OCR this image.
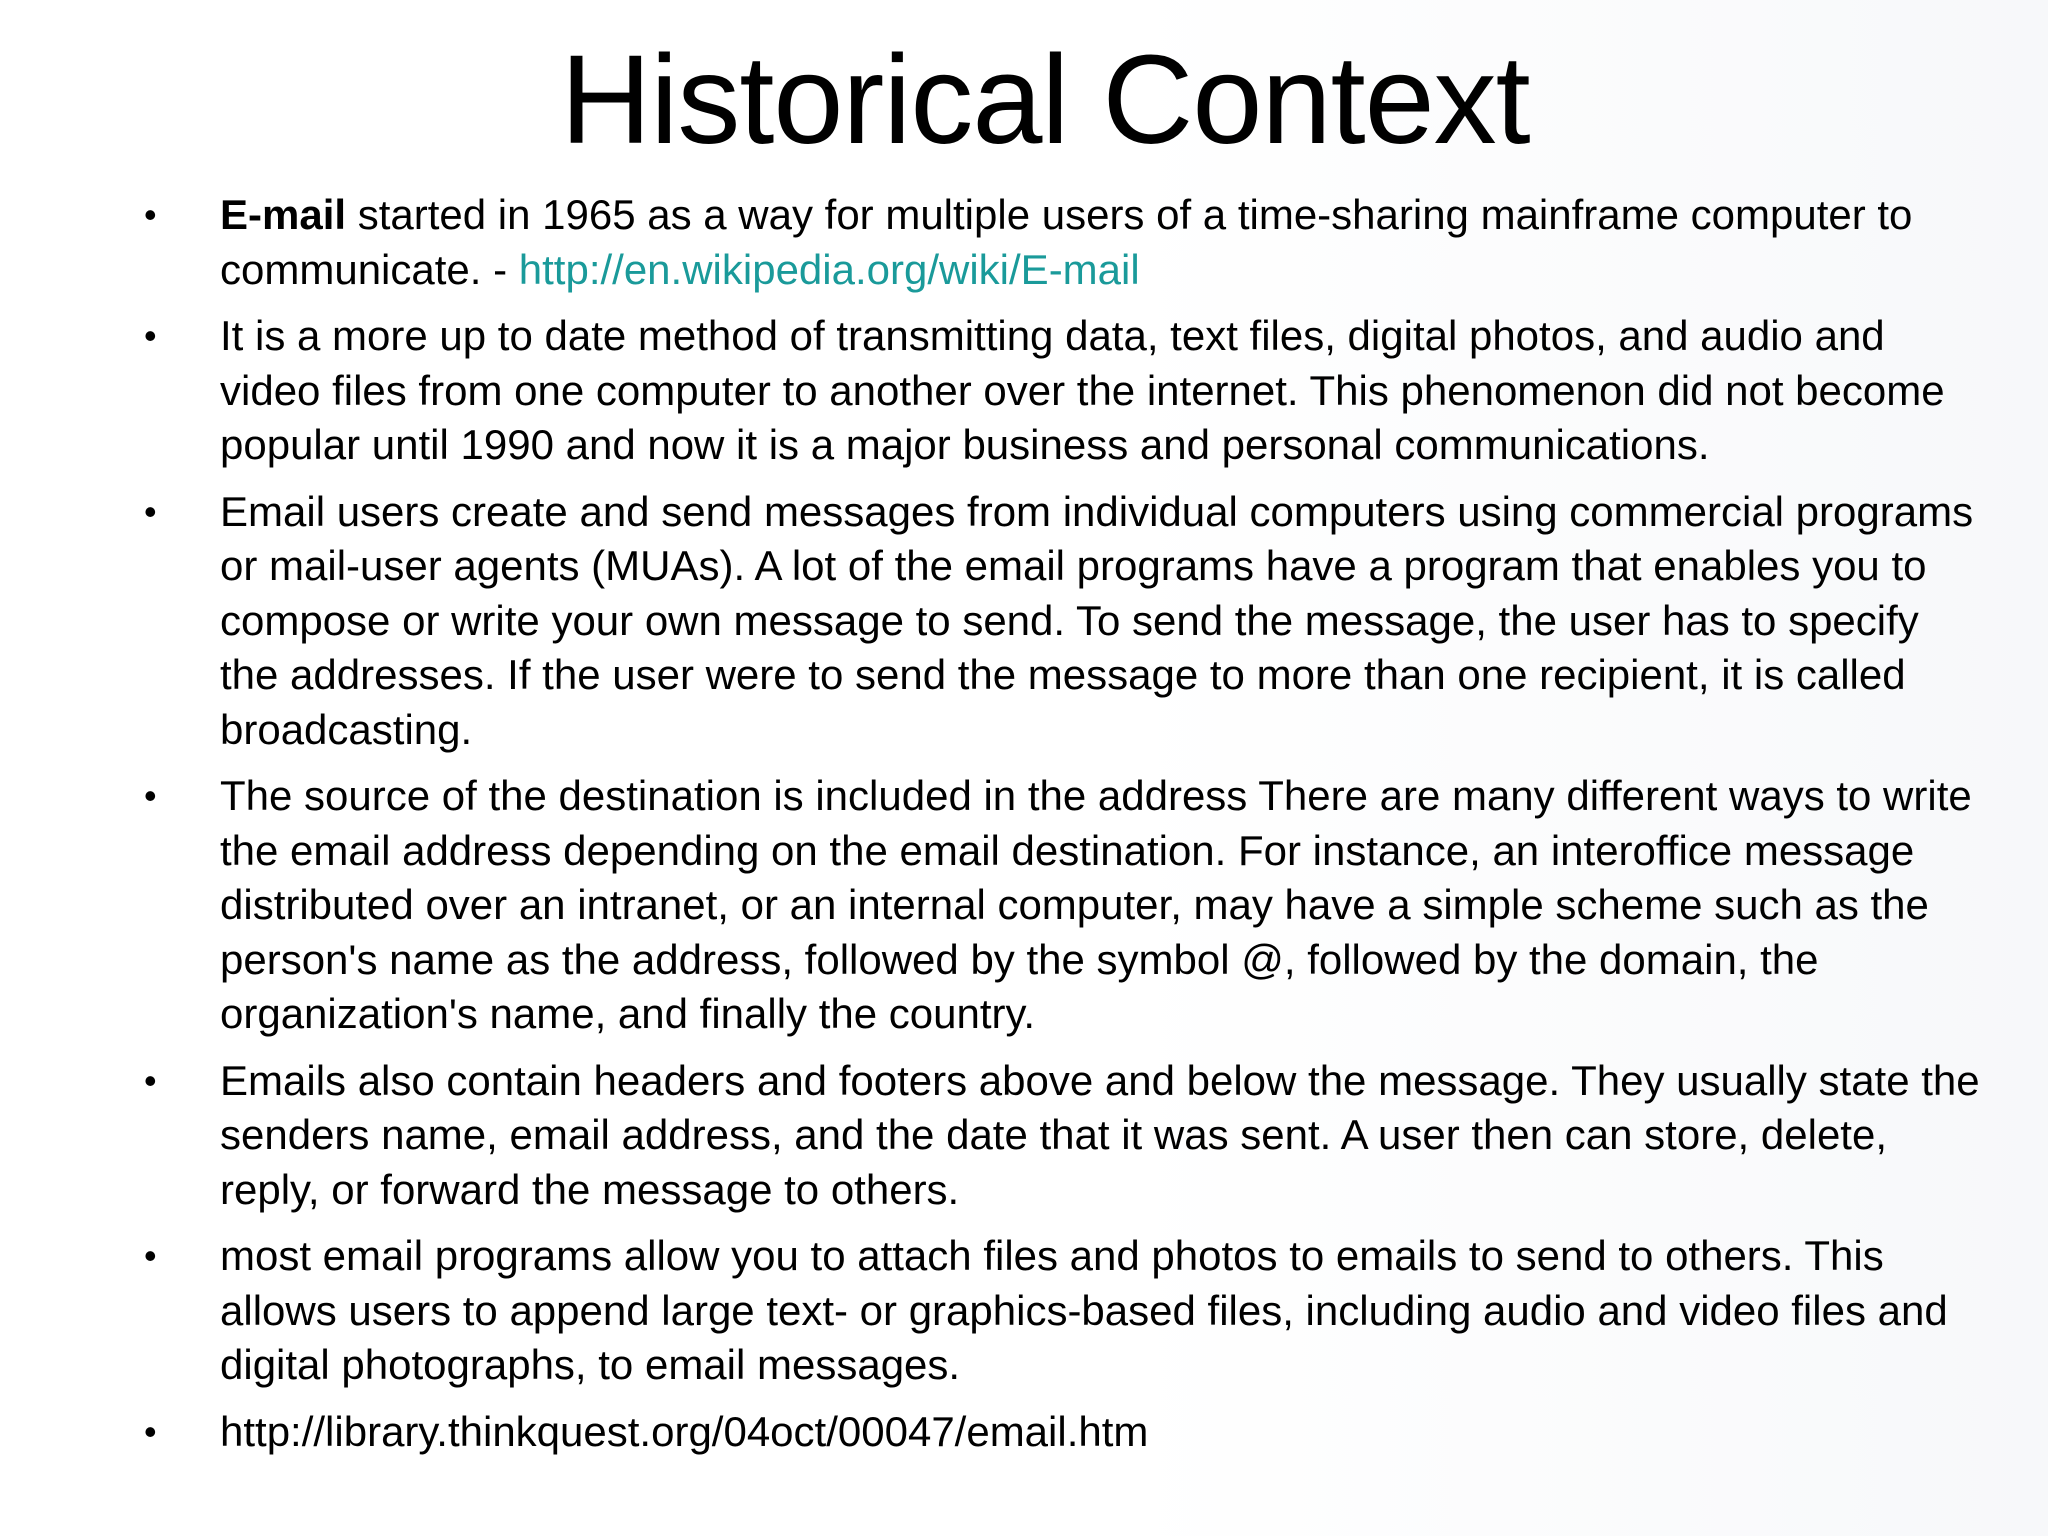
Historical Context
• E-mail started in 1965 as a way for multiple users of a time-sharing mainframe computer to communicate. - http://en.wikipedia.org/wiki/E-mail
• It is a more up to date method of transmitting data, text files, digital photos, and audio and video files from one computer to another over the internet. This phenomenon did not become popular until 1990 and now it is a major business and personal communications.
• Email users create and send messages from individual computers using commercial programs or mail-user agents (MUAs). A lot of the email programs have a program that enables you to compose or write your own message to send. To send the message, the user has to specify the addresses. If the user were to send the message to more than one recipient, it is called broadcasting.
• The source of the destination is included in the address There are many different ways to write the email address depending on the email destination. For instance, an interoffice message distributed over an intranet, or an internal computer, may have a simple scheme such as the person's name as the address, followed by the symbol @, followed by the domain, the organization's name, and finally the country.
• Emails also contain headers and footers above and below the message. They usually state the senders name, email address, and the date that it was sent. A user then can store, delete, reply, or forward the message to others.
• most email programs allow you to attach files and photos to emails to send to others. This allows users to append large text- or graphics-based files, including audio and video files and digital photographs, to email messages.
• http://library.thinkquest.org/04oct/00047/email.htm
